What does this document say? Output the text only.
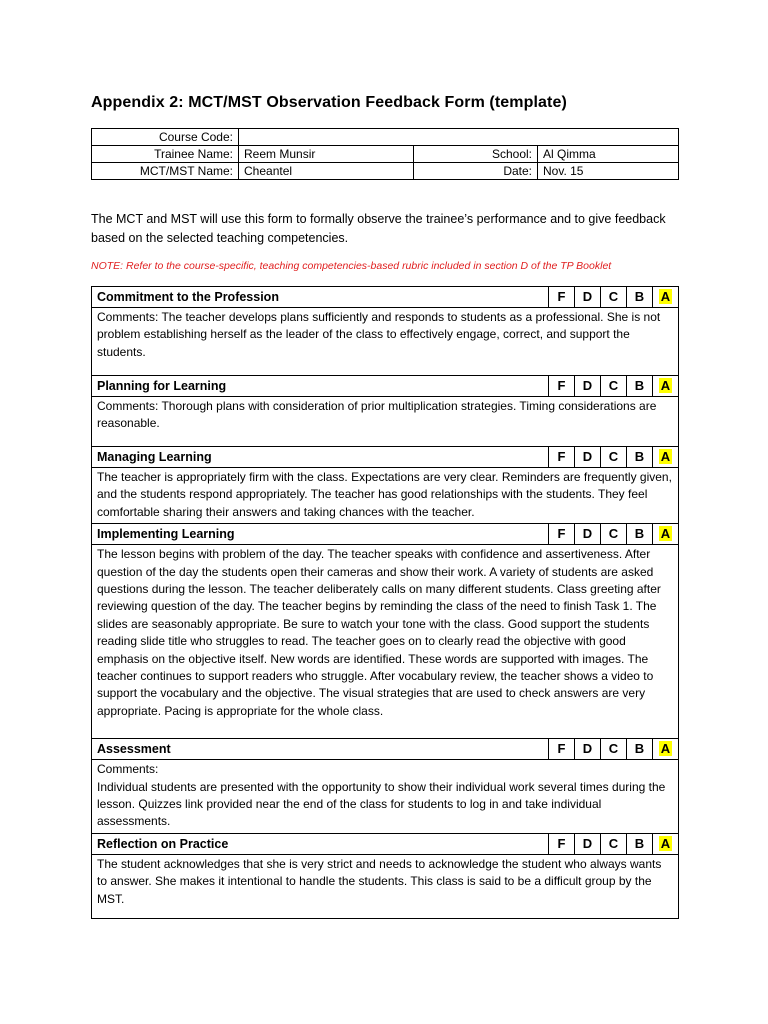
Appendix 2: MCT/MST Observation Feedback Form (template)
Course Code:			
Trainee Name:	Reem Munsir	School:	Al Qimma
MCT/MST Name:	Cheantel	Date:	Nov. 15

The MCT and MST will use this form to formally observe the trainee’s performance and to give feedback based on the selected teaching competencies.

NOTE: Refer to the course-specific, teaching competencies-based rubric included in section D of the TP Booklet

Commitment to the Profession	F	D	C	B	A

Comments: The teacher develops plans sufficiently and responds to students as a professional. She is not problem establishing herself as the leader of the class to effectively engage, correct, and support the students.					

Planning for Learning	F	D	C	B	A

Comments: Thorough plans with consideration of prior multiplication strategies. Timing considerations are reasonable.					

Managing Learning	F	D	C	B	A

The teacher is appropriately firm with the class. Expectations are very clear. Reminders are frequently given, and the students respond appropriately. The teacher has good relationships with the students. They feel comfortable sharing their answers and taking chances with the teacher.					

Implementing Learning	F	D	C	B	A

The lesson begins with problem of the day. The teacher speaks with confidence and assertiveness. After question of the day the students open their cameras and show their work. A variety of students are asked questions during the lesson. The teacher deliberately calls on many different students. Class greeting after reviewing question of the day. The teacher begins by reminding the class of the need to finish Task 1. The slides are seasonably appropriate. Be sure to watch your tone with the class. Good support the students reading slide title who struggles to read. The teacher goes on to clearly read the objective with good emphasis on the objective itself. New words are identified. These words are supported with images. The teacher continues to support readers who struggle. After vocabulary review, the teacher shows a video to support the vocabulary and the objective. The visual strategies that are used to check answers are very appropriate. Pacing is appropriate for the whole class.					

Assessment	F	D	C	B	A

Comments:
Individual students are presented with the opportunity to show their individual work several times during the lesson. Quizzes link provided near the end of the class for students to log in and take individual assessments.					

Reflection on Practice	F	D	C	B	A

The student acknowledges that she is very strict and needs to acknowledge the student who always wants to answer. She makes it intentional to handle the students. This class is said to be a difficult group by the MST.					
